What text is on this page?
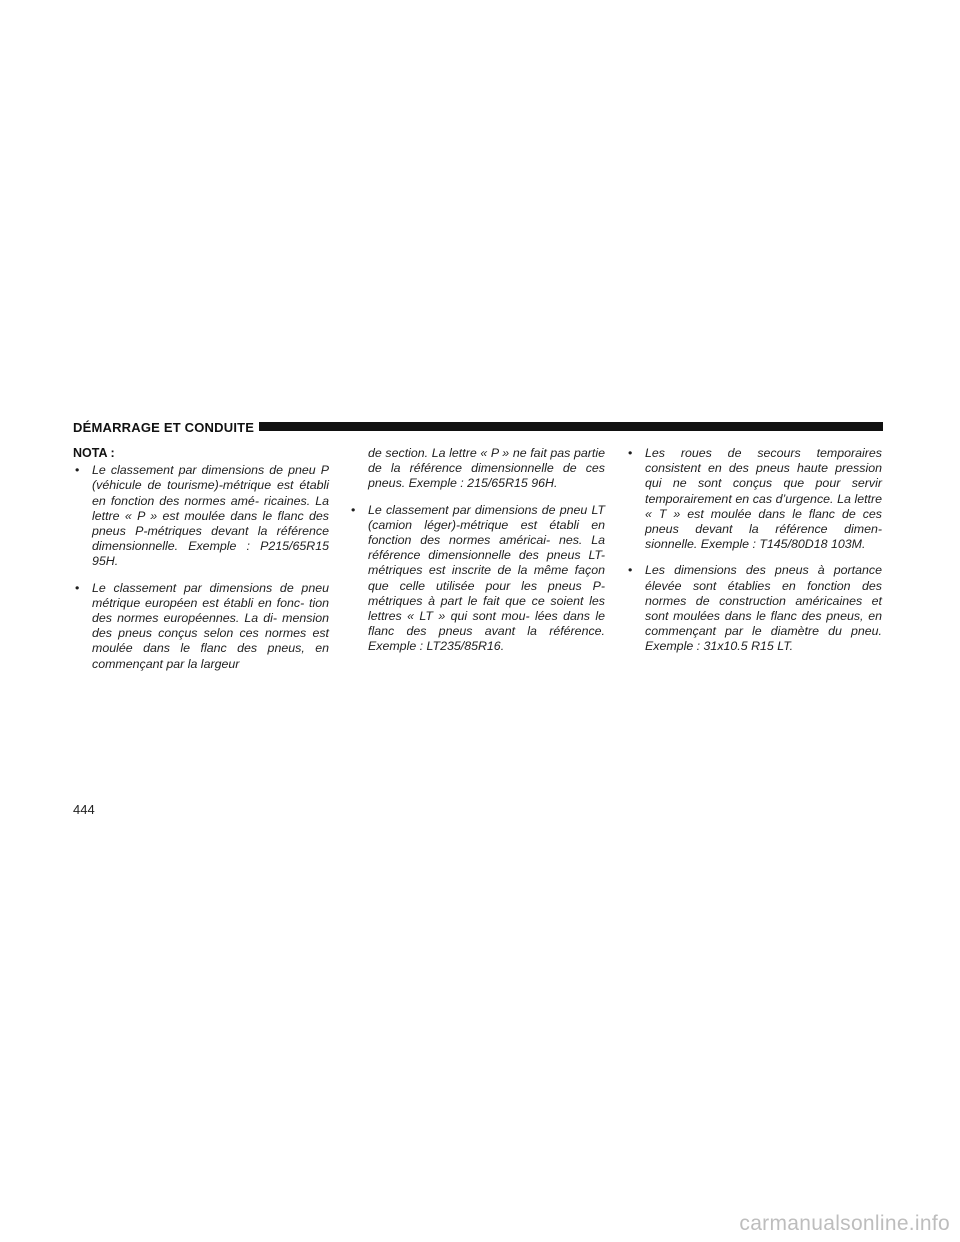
DÉMARRAGE ET CONDUITE
NOTA :
• Le classement par dimensions de pneu P (véhicule de tourisme)-métrique est établi en fonction des normes amé- ricaines. La lettre « P » est moulée dans le flanc des pneus P-métriques devant la référence dimensionnelle. Exemple : P215/65R15 95H.
• Le classement par dimensions de pneu métrique européen est établi en fonc- tion des normes européennes. La di- mension des pneus conçus selon ces normes est moulée dans le flanc des pneus, en commençant par la largeur
de section. La lettre « P » ne fait pas partie de la référence dimensionnelle de ces pneus. Exemple : 215/65R15 96H.
• Le classement par dimensions de pneu LT (camion léger)-métrique est établi en fonction des normes américai- nes. La référence dimensionnelle des pneus LT-métriques est inscrite de la même façon que celle utilisée pour les pneus P-métriques à part le fait que ce soient les lettres « LT » qui sont mou- lées dans le flanc des pneus avant la référence. Exemple : LT235/85R16.
• Les roues de secours temporaires consistent en des pneus haute pression qui ne sont conçus que pour servir temporairement en cas d’urgence. La lettre « T » est moulée dans le flanc de ces pneus devant la référence dimen- sionnelle. Exemple : T145/80D18 103M.
• Les dimensions des pneus à portance élevée sont établies en fonction des normes de construction américaines et sont moulées dans le flanc des pneus, en commençant par le diamètre du pneu. Exemple : 31x10.5 R15 LT.
444
carmanualsonline.info
